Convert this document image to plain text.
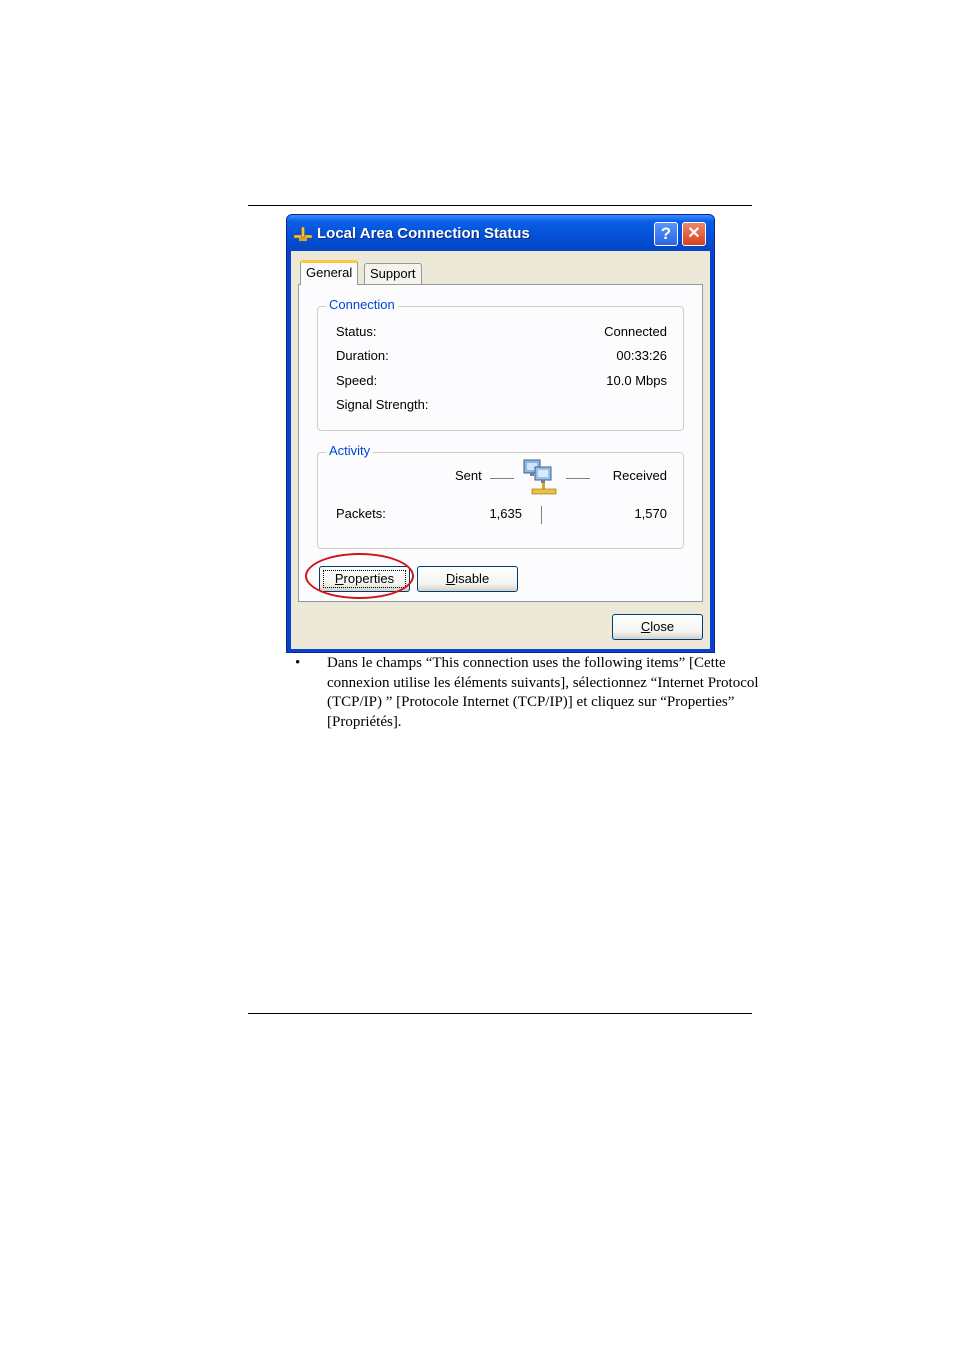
Local Area Connection Status	?	✕
General	Support
Connection
Status:	Connected
Duration:	00:33:26
Speed:	10.0 Mbps
Signal Strength:
Activity
Sent	Received
Packets:	1,635	1,570
Properties	Disable
Close
• Dans le champs “This connection uses the following items” [Cette connexion utilise les éléments suivants], sélectionnez “Internet Protocol (TCP/IP) ” [Protocole Internet (TCP/IP)] et cliquez sur “Properties” [Propriétés].
